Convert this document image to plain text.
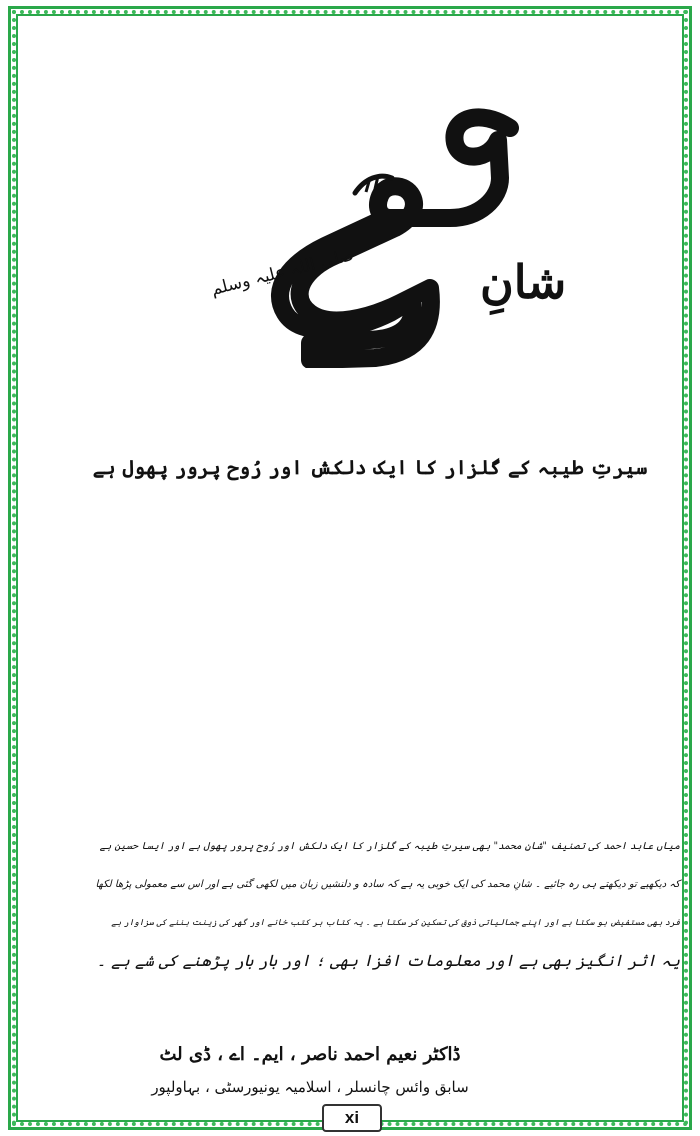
شانِ
صلی اللہ علیہ وسلم
سیرتِ طیبہ کے گلزار کا ایک دلکش اور رُوح پرور پھول ہے

میاں عابد احمد کی تصنیف "شانِ محمد" بھی سیرتِ طیبہ کے گلزار کا ایک دلکش اور رُوح پرور پھول ہے اور ایسا حسین ہے

کہ دیکھیے تو دیکھتے ہی رہ جائیے ۔ شانِ محمد کی ایک خوبی یہ ہے کہ سادہ و دلنشیں زبان میں لکھی گئی ہے اور اس سے معمولی پڑھا لکھا

فرد بھی مستفیض ہو سکتا ہے اور اپنے جمالیاتی ذوق کی تسکین کر سکتا ہے ۔ یہ کتاب ہر کتب خانے اور گھر کی زینت بننے کی سزاوار ہے

یہ اثر انگیز بھی ہے اور معلومات افزا بھی ؛ اور بار بار پڑھنے کی شے ہے ۔

ڈاکٹر نعیم احمد ناصر ، ایم۔ اے ، ڈی لٹ
سابق وائس چانسلر ، اسلامیہ یونیورسٹی ، بہاولپور
xi
